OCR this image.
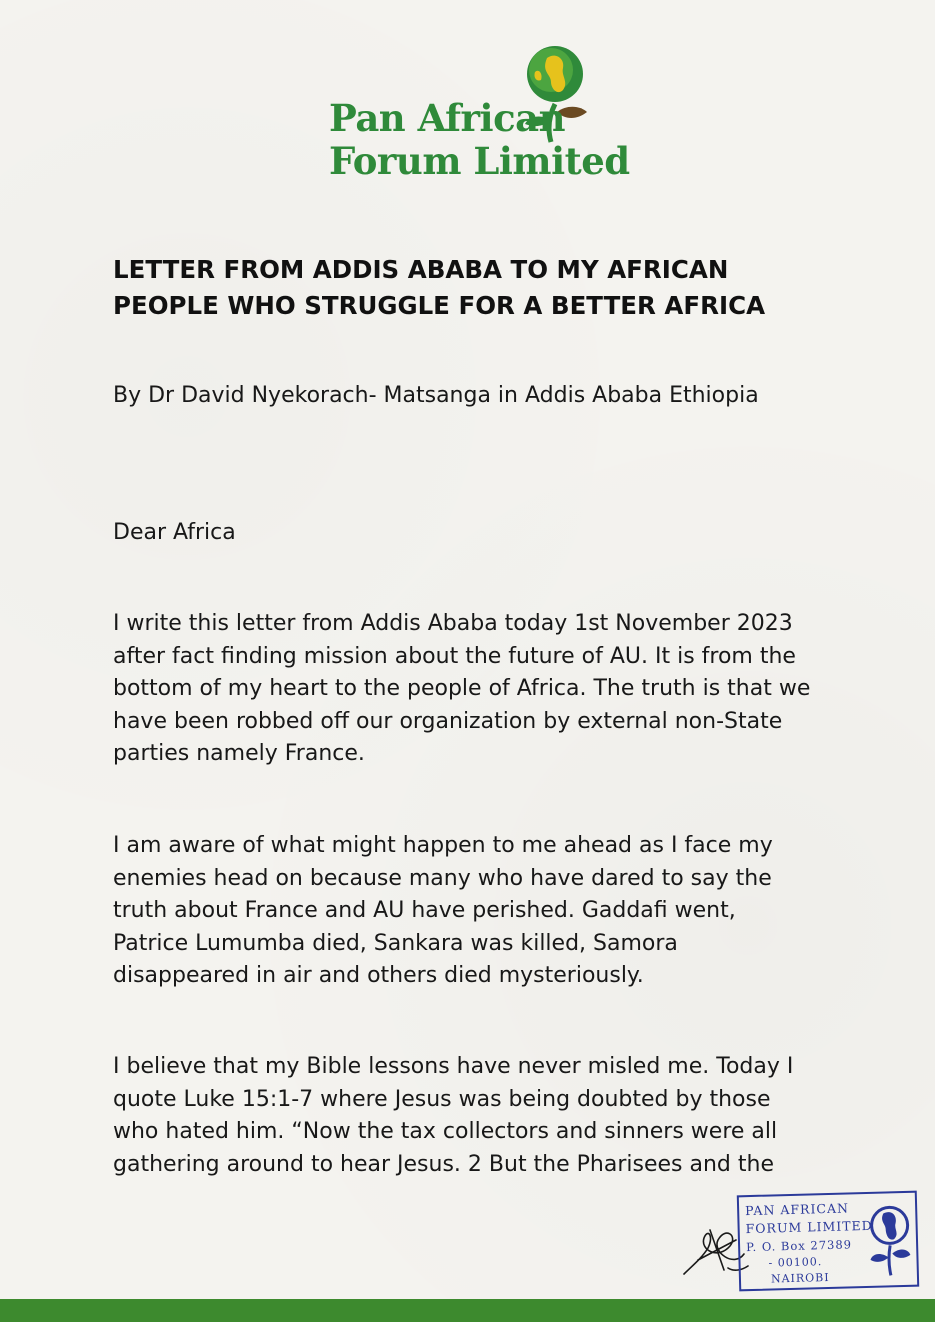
Pan African
Forum Limited
LETTER FROM ADDIS ABABA TO MY AFRICAN
PEOPLE WHO STRUGGLE FOR A BETTER AFRICA

By Dr David Nyekorach- Matsanga in Addis Ababa Ethiopia

Dear Africa

I write this letter from Addis Ababa today 1st November 2023
after fact finding mission about the future of AU. It is from the
bottom of my heart to the people of Africa. The truth is that we
have been robbed off our organization by external non-State
parties namely France.

I am aware of what might happen to me ahead as I face my
enemies head on because many who have dared to say the
truth about France and AU have perished. Gaddafi went,
Patrice Lumumba died, Sankara was killed, Samora
disappeared in air and others died mysteriously.

I believe that my Bible lessons have never misled me. Today I
quote Luke 15:1-7 where Jesus was being doubted by those
who hated him. “Now the tax collectors and sinners were all
gathering around to hear Jesus. 2 But the Pharisees and the

PAN AFRICAN
FORUM LIMITED
P. O. Box 27389
- 00100.
NAIROBI
